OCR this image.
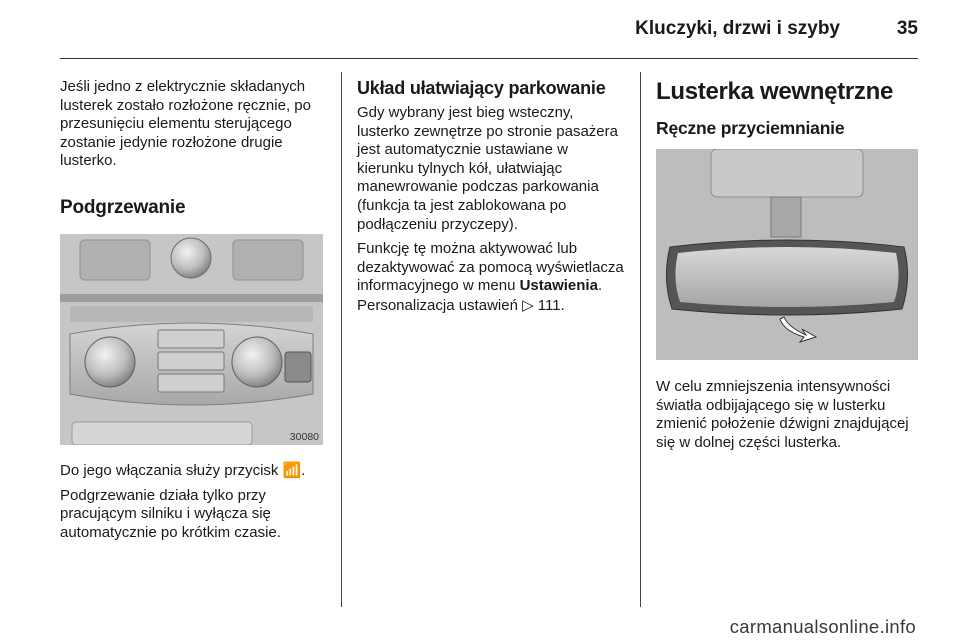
Kluczyki, drzwi i szyby	35

Jeśli jedno z elektrycznie składanych lusterek zostało rozłożone ręcznie, po przesunięciu elementu sterującego zostanie jedynie rozłożone drugie lusterko.

Podgrzewanie
30080

Do jego włączania służy przycisk 📶.

Podgrzewanie działa tylko przy pracującym silniku i wyłącza się automatycznie po krótkim czasie.

Układ ułatwiający parkowanie

Gdy wybrany jest bieg wsteczny, lusterko zewnętrze po stronie pasażera jest automatycznie ustawiane w kierunku tylnych kół, ułatwiając manewrowanie podczas parkowania (funkcja ta jest zablokowana po podłączeniu przyczepy).

Funkcję tę można aktywować lub dezaktywować za pomocą wyświetlacza informacyjnego w menu Ustawienia. Personalizacja ustawień ▷ 111.

Lusterka wewnętrzne
Ręczne przyciemnianie

W celu zmniejszenia intensywności światła odbijającego się w lusterku zmienić położenie dźwigni znajdującej się w dolnej części lusterka.

carmanualsonline.info
